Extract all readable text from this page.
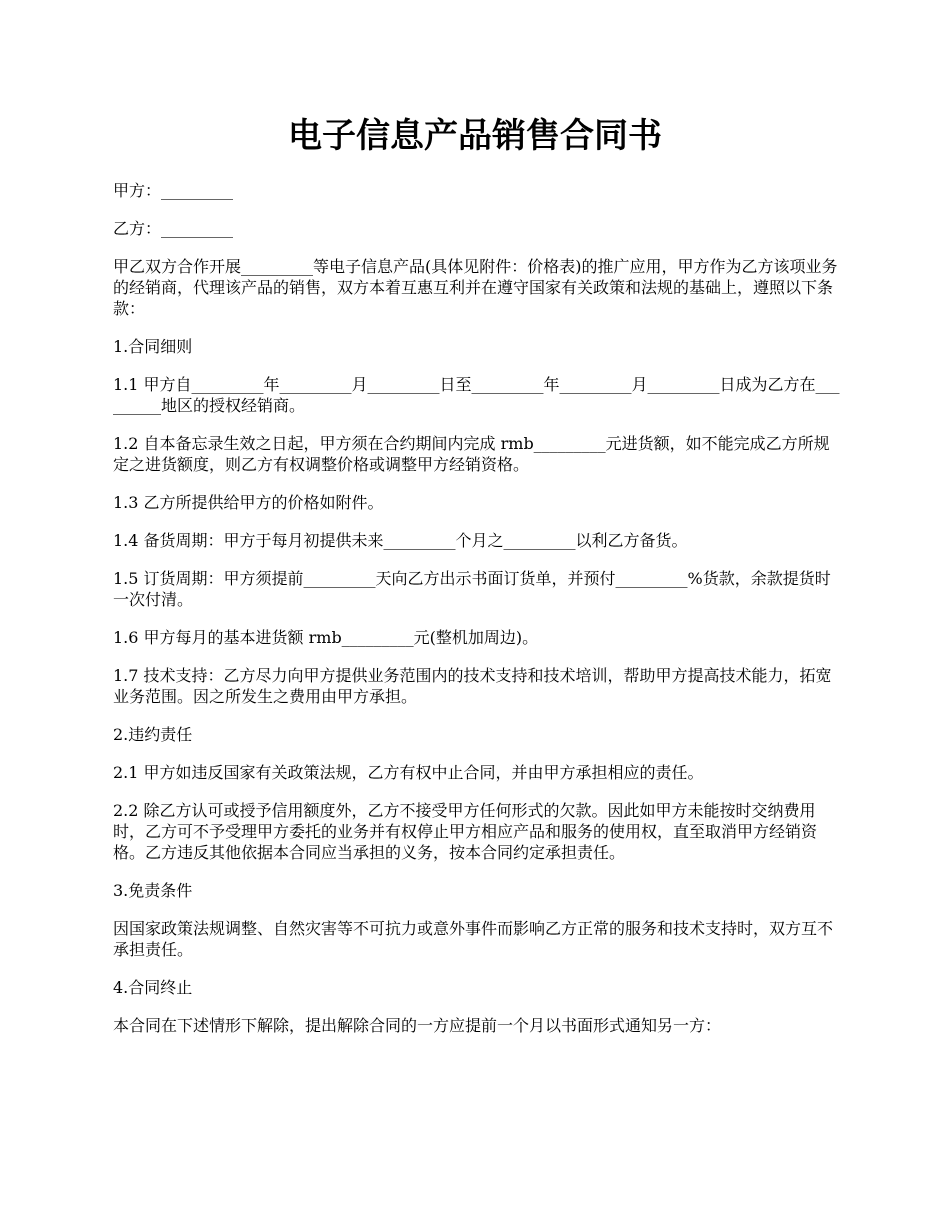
电子信息产品销售合同书

甲方：_________

乙方：_________

甲乙双方合作开展_________等电子信息产品(具体见附件：价格表)的推广应用，甲方作为乙方该项业务的经销商，代理该产品的销售，双方本着互惠互利并在遵守国家有关政策和法规的基础上，遵照以下条款：

1.合同细则

1.1 甲方自_________年_________月_________日至_________年_________月_________日成为乙方在_________地区的授权经销商。

1.2 自本备忘录生效之日起，甲方须在合约期间内完成 rmb_________元进货额，如不能完成乙方所规定之进货额度，则乙方有权调整价格或调整甲方经销资格。

1.3 乙方所提供给甲方的价格如附件。

1.4 备货周期：甲方于每月初提供未来_________个月之_________以利乙方备货。

1.5 订货周期：甲方须提前_________天向乙方出示书面订货单，并预付_________%货款，余款提货时一次付清。

1.6 甲方每月的基本进货额 rmb_________元(整机加周边)。

1.7 技术支持：乙方尽力向甲方提供业务范围内的技术支持和技术培训，帮助甲方提高技术能力，拓宽业务范围。因之所发生之费用由甲方承担。

2.违约责任

2.1 甲方如违反国家有关政策法规，乙方有权中止合同，并由甲方承担相应的责任。

2.2 除乙方认可或授予信用额度外，乙方不接受甲方任何形式的欠款。因此如甲方未能按时交纳费用时，乙方可不予受理甲方委托的业务并有权停止甲方相应产品和服务的使用权，直至取消甲方经销资格。乙方违反其他依据本合同应当承担的义务，按本合同约定承担责任。

3.免责条件

因国家政策法规调整、自然灾害等不可抗力或意外事件而影响乙方正常的服务和技术支持时，双方互不承担责任。

4.合同终止

本合同在下述情形下解除，提出解除合同的一方应提前一个月以书面形式通知另一方：
